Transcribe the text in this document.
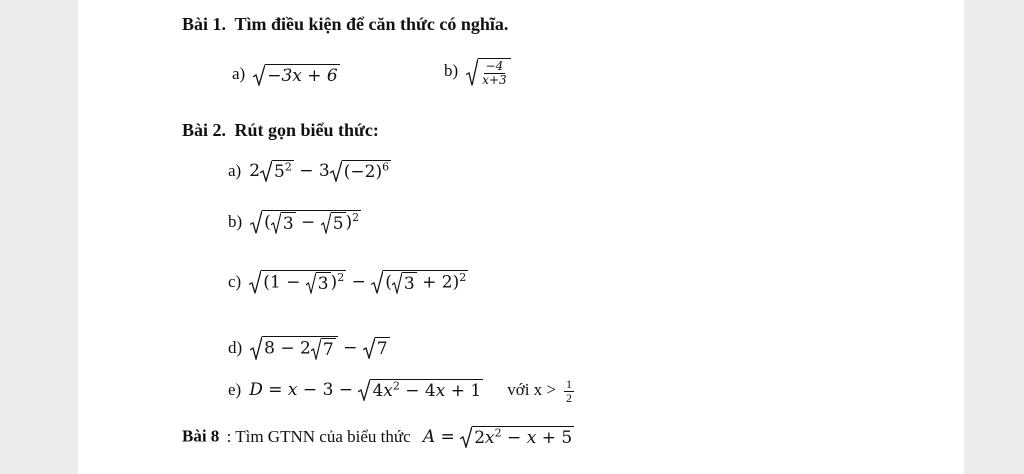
Bài 1. Tìm điều kiện để căn thức có nghĩa.
a) −3x + 6	$b) \frac{-4}{x+3}$
Bài 2. Rút gọn biểu thức:
a) 2 $5^2 - 3$ $(-2)^6$
b) ( 3 − 5 )$^2$
c) (1 − 3 )$^2$ − ( 3 + 2)$^2$
d) 8 − 2 7 − 7
e) $D = x - 3 - 4x^2 - 4x + 1$ với $x > \frac{1}{2}$
Bài 8 : Tìm GTNN của biểu thức $A = 2x^2 - x + 5$
